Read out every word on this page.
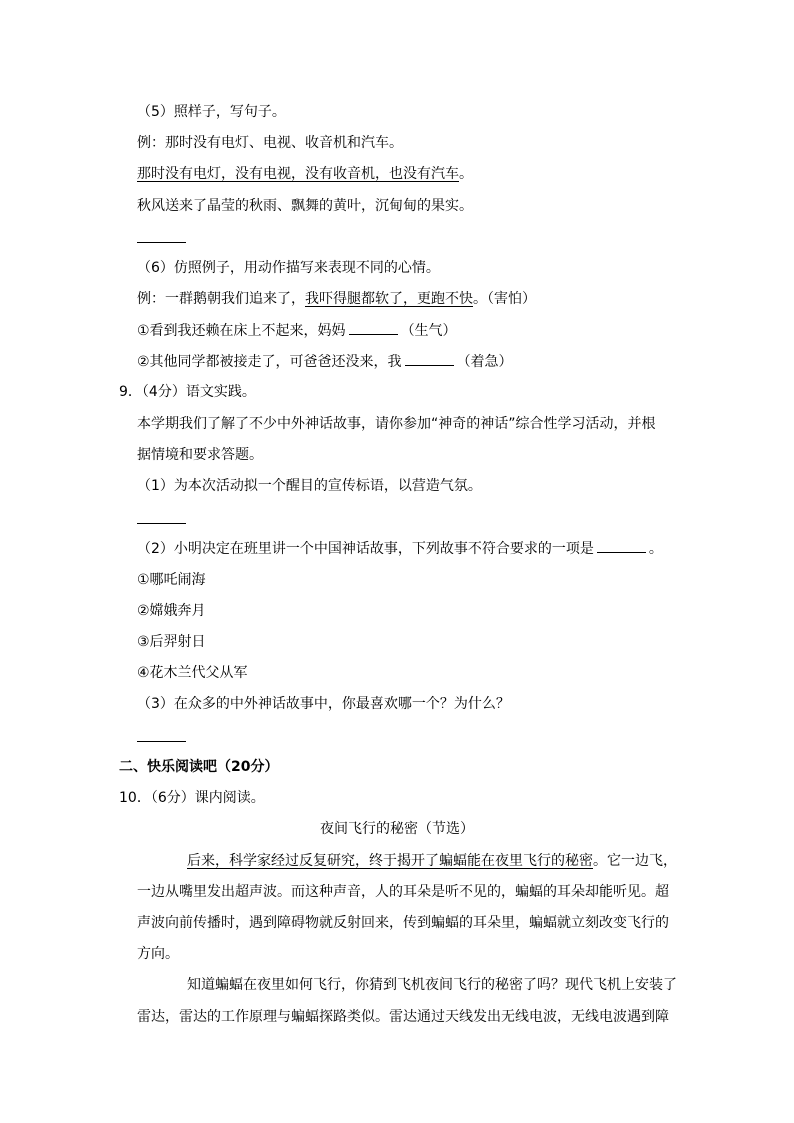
（5）照样子，写句子。
例：那时没有电灯、电视、收音机和汽车。
那时没有电灯，没有电视，没有收音机，也没有汽车。
秋风送来了晶莹的秋雨、飘舞的黄叶，沉甸甸的果实。
（6）仿照例子，用动作描写来表现不同的心情。
例：一群鹅朝我们追来了，我吓得腿都软了，更跑不快。（害怕）
①看到我还赖在床上不起来，妈妈	（生气）
②其他同学都被接走了，可爸爸还没来，我	（着急）
9．（4分）语文实践。
本学期我们了解了不少中外神话故事，请你参加“神奇的神话”综合性学习活动，并根
据情境和要求答题。
（1）为本次活动拟一个醒目的宣传标语，以营造气氛。
（2）小明决定在班里讲一个中国神话故事，下列故事不符合要求的一项是	。
①哪吒闹海
②嫦娥奔月
③后羿射日
④花木兰代父从军
（3）在众多的中外神话故事中，你最喜欢哪一个？为什么？
二、快乐阅读吧（20分）
10．（6分）课内阅读。
夜间飞行的秘密（节选）
后来，科学家经过反复研究，终于揭开了蝙蝠能在夜里飞行的秘密。它一边飞，
一边从嘴里发出超声波。而这种声音，人的耳朵是听不见的，蝙蝠的耳朵却能听见。超
声波向前传播时，遇到障碍物就反射回来，传到蝙蝠的耳朵里，蝙蝠就立刻改变飞行的
方向。
知道蝙蝠在夜里如何飞行，你猜到飞机夜间飞行的秘密了吗？现代飞机上安装了
雷达，雷达的工作原理与蝙蝠探路类似。雷达通过天线发出无线电波，无线电波遇到障
